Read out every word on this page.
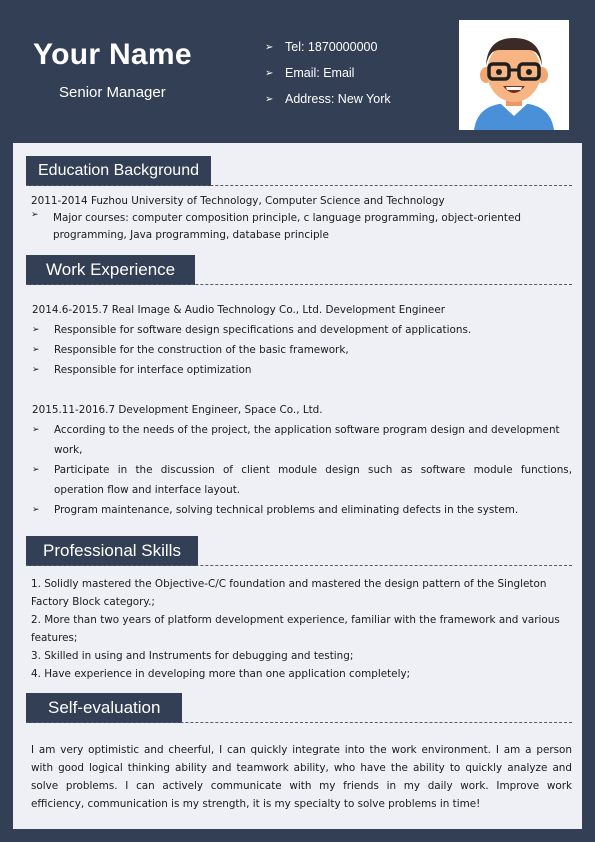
Your Name
Senior Manager
➢ Tel: 1870000000
➢ Email: Email
➢ Address: New York
Education Background
2011-2014 Fuzhou University of Technology, Computer Science and Technology
➢	Major courses: computer composition principle, c language programming, object-oriented
programming, Java programming, database principle
Work Experience
2014.6-2015.7 Real Image & Audio Technology Co., Ltd. Development Engineer
➢	Responsible for software design specifications and development of applications.
➢	Responsible for the construction of the basic framework,
➢	Responsible for interface optimization
2015.11-2016.7 Development Engineer, Space Co., Ltd.
➢	According to the needs of the project, the application software program design and development
work,
➢	Participate in the discussion of client module design such as software module functions,
operation flow and interface layout.
➢	Program maintenance, solving technical problems and eliminating defects in the system.
Professional Skills
1. Solidly mastered the Objective-C/C foundation and mastered the design pattern of the Singleton
Factory Block category.;
2. More than two years of platform development experience, familiar with the framework and various
features;
3. Skilled in using and Instruments for debugging and testing;
4. Have experience in developing more than one application completely;
Self-evaluation
I am very optimistic and cheerful, I can quickly integrate into the work environment. I am a person
with good logical thinking ability and teamwork ability, who have the ability to quickly analyze and
solve problems. I can actively communicate with my friends in my daily work. Improve work
efficiency, communication is my strength, it is my specialty to solve problems in time!
